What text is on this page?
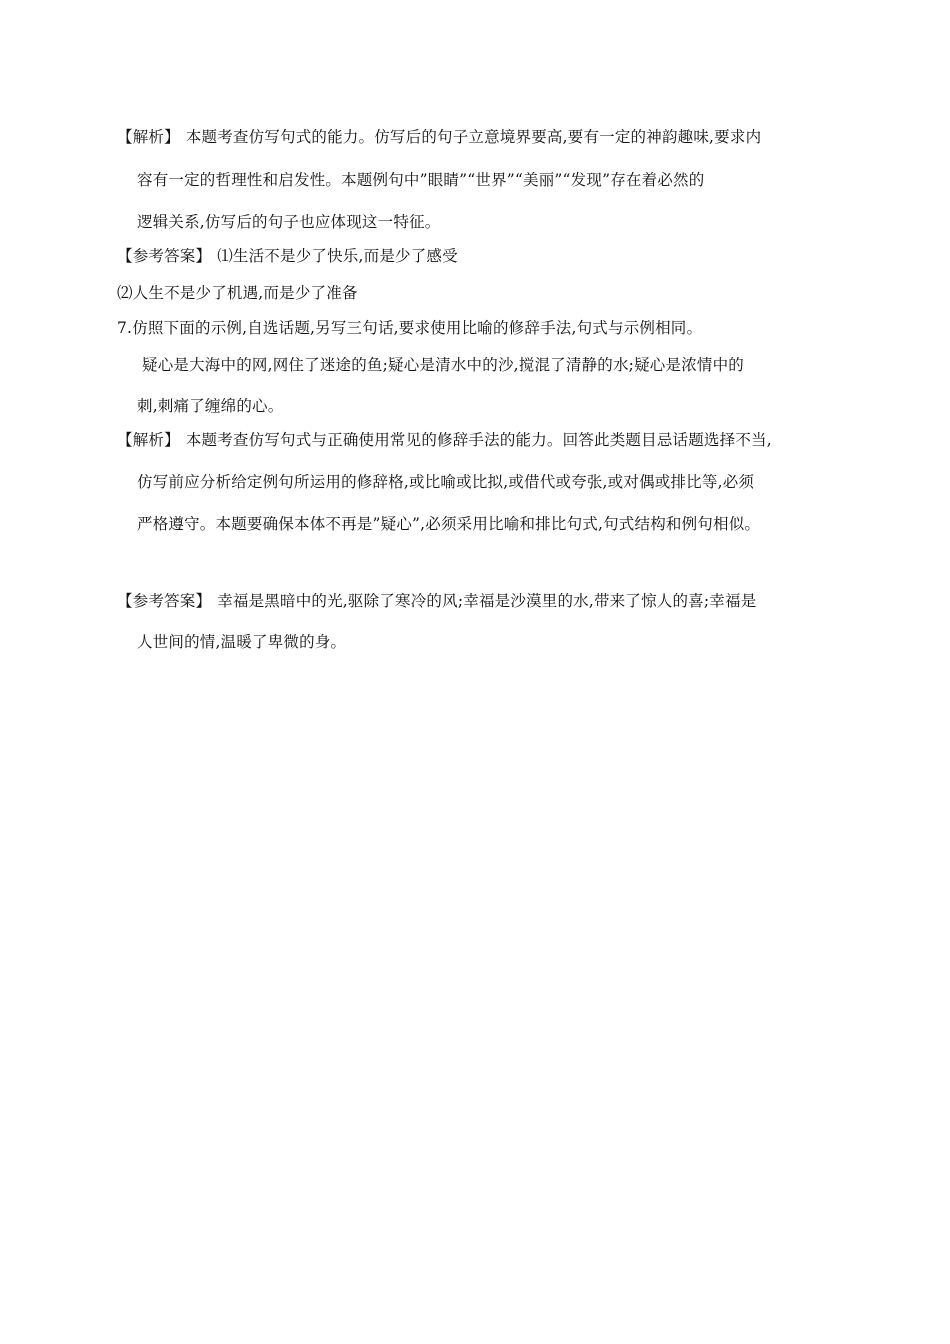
【解析】 本题考查仿写句式的能力。仿写后的句子立意境界要高,要有一定的神韵趣味,要求内
容有一定的哲理性和启发性。本题例句中”眼睛”“世界”“美丽”“发现”存在着必然的
逻辑关系,仿写后的句子也应体现这一特征。
【参考答案】 ⑴生活不是少了快乐,而是少了感受
⑵人生不是少了机遇,而是少了准备
7.仿照下面的示例,自选话题,另写三句话,要求使用比喻的修辞手法,句式与示例相同。
疑心是大海中的网,网住了迷途的鱼;疑心是清水中的沙,搅混了清静的水;疑心是浓情中的
刺,刺痛了缠绵的心。
【解析】 本题考查仿写句式与正确使用常见的修辞手法的能力。回答此类题目忌话题选择不当,
仿写前应分析给定例句所运用的修辞格,或比喻或比拟,或借代或夸张,或对偶或排比等,必须
严格遵守。本题要确保本体不再是”疑心”,必须采用比喻和排比句式,句式结构和例句相似。
【参考答案】 幸福是黑暗中的光,驱除了寒冷的风;幸福是沙漠里的水,带来了惊人的喜;幸福是
人世间的情,温暖了卑微的身。
